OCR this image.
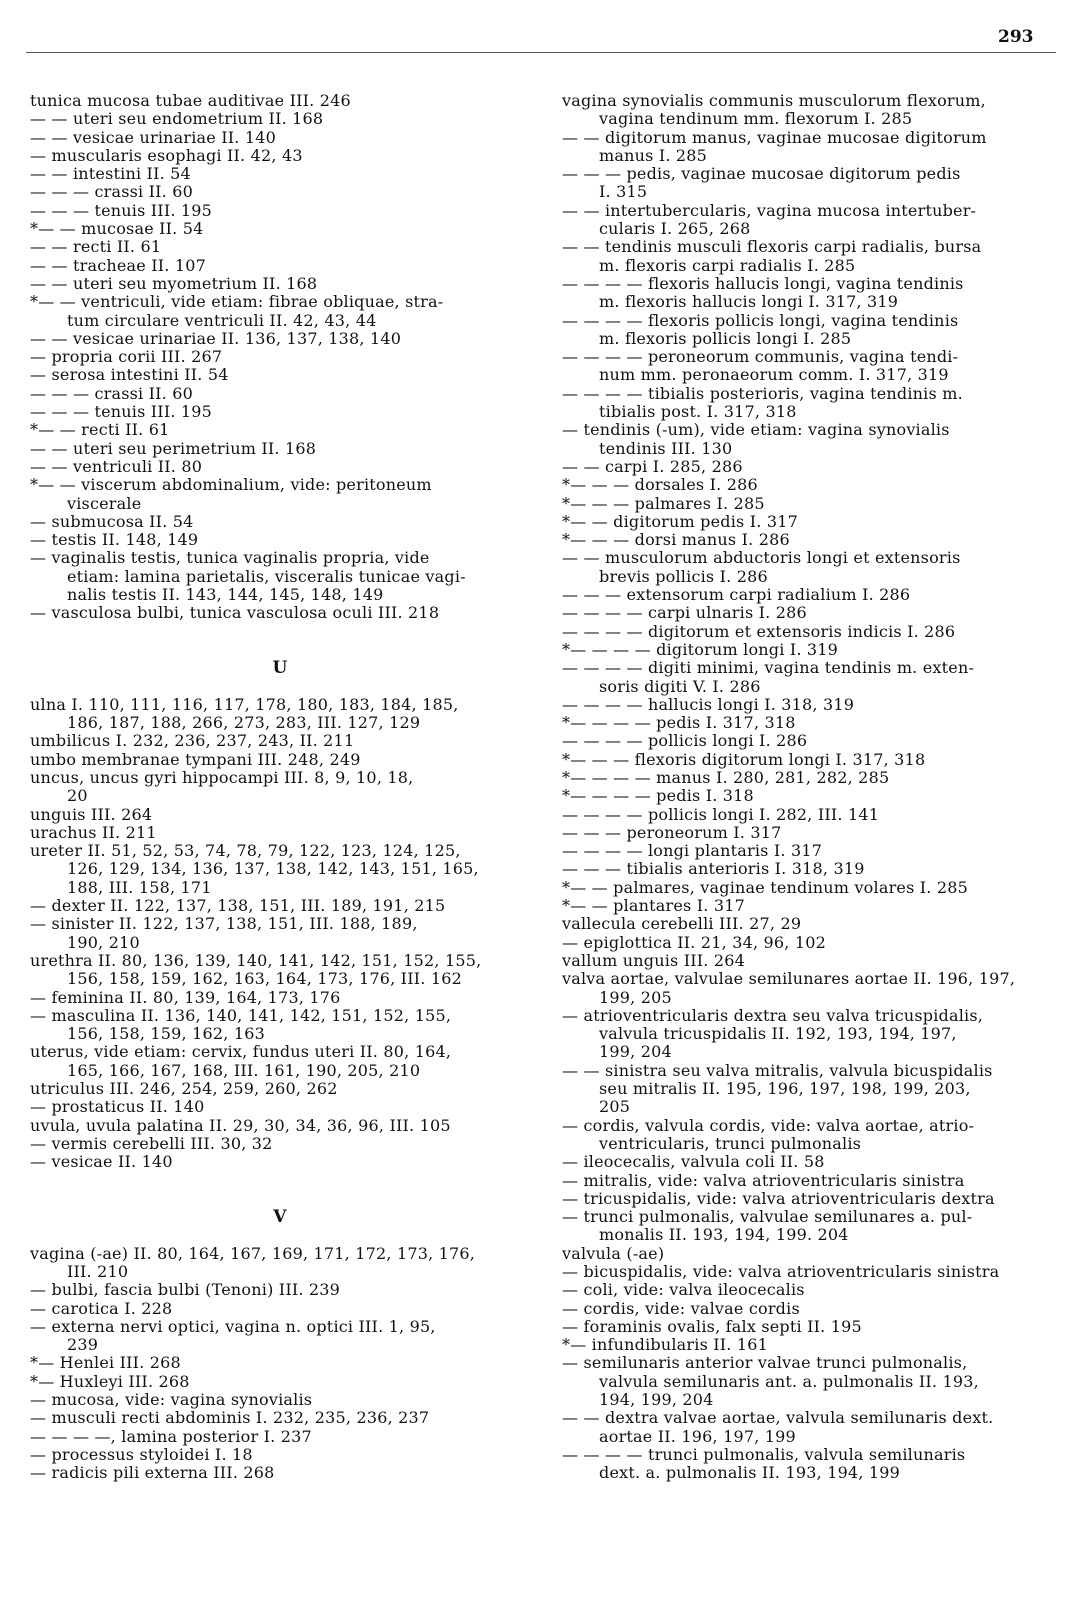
293
tunica mucosa tubae auditivae III. 246
— — uteri seu endometrium II. 168
— — vesicae urinariae II. 140
— muscularis esophagi II. 42, 43
— — intestini II. 54
— — — crassi II. 60
— — — tenuis III. 195
*— — mucosae II. 54
— — recti II. 61
— — tracheae II. 107
— — uteri seu myometrium II. 168
*— — ventriculi, vide etiam: fibrae obliquae, stra-
tum circulare ventriculi II. 42, 43, 44
— — vesicae urinariae II. 136, 137, 138, 140
— propria corii III. 267
— serosa intestini II. 54
— — — crassi II. 60
— — — tenuis III. 195
*— — recti II. 61
— — uteri seu perimetrium II. 168
— — ventriculi II. 80
*— — viscerum abdominalium, vide: peritoneum
viscerale
— submucosa II. 54
— testis II. 148, 149
— vaginalis testis, tunica vaginalis propria, vide
etiam: lamina parietalis, visceralis tunicae vagi-
nalis testis II. 143, 144, 145, 148, 149
— vasculosa bulbi, tunica vasculosa oculi III. 218
U
ulna I. 110, 111, 116, 117, 178, 180, 183, 184, 185,
186, 187, 188, 266, 273, 283, III. 127, 129
umbilicus I. 232, 236, 237, 243, II. 211
umbo membranae tympani III. 248, 249
uncus, uncus gyri hippocampi III. 8, 9, 10, 18,
20
unguis III. 264
urachus II. 211
ureter II. 51, 52, 53, 74, 78, 79, 122, 123, 124, 125,
126, 129, 134, 136, 137, 138, 142, 143, 151, 165,
188, III. 158, 171
— dexter II. 122, 137, 138, 151, III. 189, 191, 215
— sinister II. 122, 137, 138, 151, III. 188, 189,
190, 210
urethra II. 80, 136, 139, 140, 141, 142, 151, 152, 155,
156, 158, 159, 162, 163, 164, 173, 176, III. 162
— feminina II. 80, 139, 164, 173, 176
— masculina II. 136, 140, 141, 142, 151, 152, 155,
156, 158, 159, 162, 163
uterus, vide etiam: cervix, fundus uteri II. 80, 164,
165, 166, 167, 168, III. 161, 190, 205, 210
utriculus III. 246, 254, 259, 260, 262
— prostaticus II. 140
uvula, uvula palatina II. 29, 30, 34, 36, 96, III. 105
— vermis cerebelli III. 30, 32
— vesicae II. 140
V
vagina (-ae) II. 80, 164, 167, 169, 171, 172, 173, 176,
III. 210
— bulbi, fascia bulbi (Tenoni) III. 239
— carotica I. 228
— externa nervi optici, vagina n. optici III. 1, 95,
239
*— Henlei III. 268
*— Huxleyi III. 268
— mucosa, vide: vagina synovialis
— musculi recti abdominis I. 232, 235, 236, 237
— — — —, lamina posterior I. 237
— processus styloidei I. 18
— radicis pili externa III. 268
vagina synovialis communis musculorum flexorum,
vagina tendinum mm. flexorum I. 285
— — digitorum manus, vaginae mucosae digitorum
manus I. 285
— — — pedis, vaginae mucosae digitorum pedis
I. 315
— — intertubercularis, vagina mucosa intertuber-
cularis I. 265, 268
— — tendinis musculi flexoris carpi radialis, bursa
m. flexoris carpi radialis I. 285
— — — — flexoris hallucis longi, vagina tendinis
m. flexoris hallucis longi I. 317, 319
— — — — flexoris pollicis longi, vagina tendinis
m. flexoris pollicis longi I. 285
— — — — peroneorum communis, vagina tendi-
num mm. peronaeorum comm. I. 317, 319
— — — — tibialis posterioris, vagina tendinis m.
tibialis post. I. 317, 318
— tendinis (-um), vide etiam: vagina synovialis
tendinis III. 130
— — carpi I. 285, 286
*— — — dorsales I. 286
*— — — palmares I. 285
*— — digitorum pedis I. 317
*— — — dorsi manus I. 286
— — musculorum abductoris longi et extensoris
brevis pollicis I. 286
— — — extensorum carpi radialium I. 286
— — — — carpi ulnaris I. 286
— — — — digitorum et extensoris indicis I. 286
*— — — — digitorum longi I. 319
— — — — digiti minimi, vagina tendinis m. exten-
soris digiti V. I. 286
— — — — hallucis longi I. 318, 319
*— — — — pedis I. 317, 318
— — — — pollicis longi I. 286
*— — — flexoris digitorum longi I. 317, 318
*— — — — manus I. 280, 281, 282, 285
*— — — — pedis I. 318
— — — — pollicis longi I. 282, III. 141
— — — peroneorum I. 317
— — — — longi plantaris I. 317
— — — tibialis anterioris I. 318, 319
*— — palmares, vaginae tendinum volares I. 285
*— — plantares I. 317
vallecula cerebelli III. 27, 29
— epiglottica II. 21, 34, 96, 102
vallum unguis III. 264
valva aortae, valvulae semilunares aortae II. 196, 197,
199, 205
— atrioventricularis dextra seu valva tricuspidalis,
valvula tricuspidalis II. 192, 193, 194, 197,
199, 204
— — sinistra seu valva mitralis, valvula bicuspidalis
seu mitralis II. 195, 196, 197, 198, 199, 203,
205
— cordis, valvula cordis, vide: valva aortae, atrio-
ventricularis, trunci pulmonalis
— ileocecalis, valvula coli II. 58
— mitralis, vide: valva atrioventricularis sinistra
— tricuspidalis, vide: valva atrioventricularis dextra
— trunci pulmonalis, valvulae semilunares a. pul-
monalis II. 193, 194, 199. 204
valvula (-ae)
— bicuspidalis, vide: valva atrioventricularis sinistra
— coli, vide: valva ileocecalis
— cordis, vide: valvae cordis
— foraminis ovalis, falx septi II. 195
*— infundibularis II. 161
— semilunaris anterior valvae trunci pulmonalis,
valvula semilunaris ant. a. pulmonalis II. 193,
194, 199, 204
— — dextra valvae aortae, valvula semilunaris dext.
aortae II. 196, 197, 199
— — — — trunci pulmonalis, valvula semilunaris
dext. a. pulmonalis II. 193, 194, 199
